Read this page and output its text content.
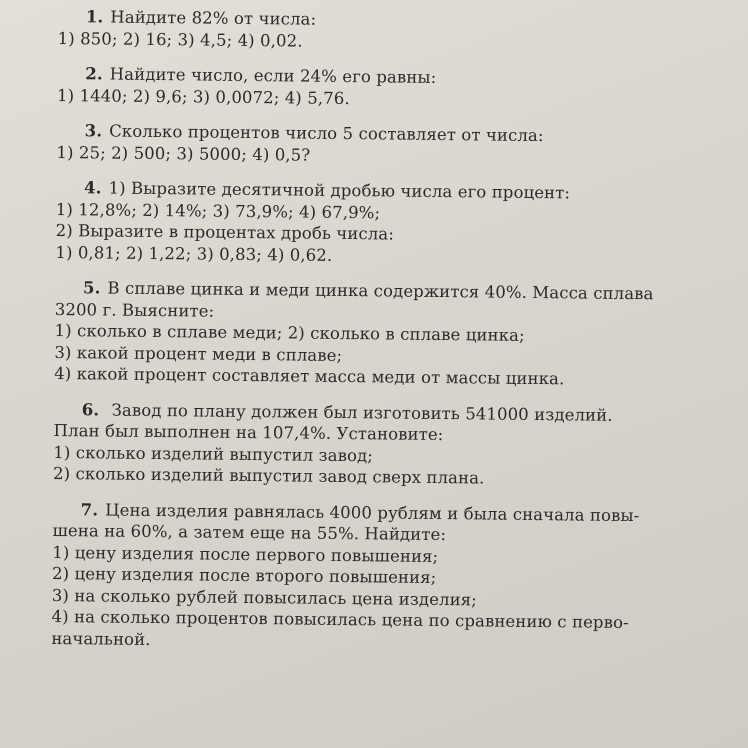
1. Найдите 82% от числа:
1) 850; 2) 16; 3) 4,5; 4) 0,02.
2. Найдите число, если 24% его равны:
1) 1440; 2) 9,6; 3) 0,0072; 4) 5,76.
3. Сколько процентов число 5 составляет от числа:
1) 25; 2) 500; 3) 5000; 4) 0,5?
4. 1) Выразите десятичной дробью числа его процент:
1) 12,8%; 2) 14%; 3) 73,9%; 4) 67,9%;
2) Выразите в процентах дробь числа:
1) 0,81; 2) 1,22; 3) 0,83; 4) 0,62.
5. В сплаве цинка и меди цинка содержится 40%. Масса сплава
3200 г. Выясните:
1) сколько в сплаве меди; 2) сколько в сплаве цинка;
3) какой процент меди в сплаве;
4) какой процент составляет масса меди от массы цинка.
6. Завод по плану должен был изготовить 541000 изделий.
План был выполнен на 107,4%. Установите:
1) сколько изделий выпустил завод;
2) сколько изделий выпустил завод сверх плана.
7. Цена изделия равнялась 4000 рублям и была сначала повы-
шена на 60%, а затем еще на 55%. Найдите:
1) цену изделия после первого повышения;
2) цену изделия после второго повышения;
3) на сколько рублей повысилась цена изделия;
4) на сколько процентов повысилась цена по сравнению с перво-
начальной.
